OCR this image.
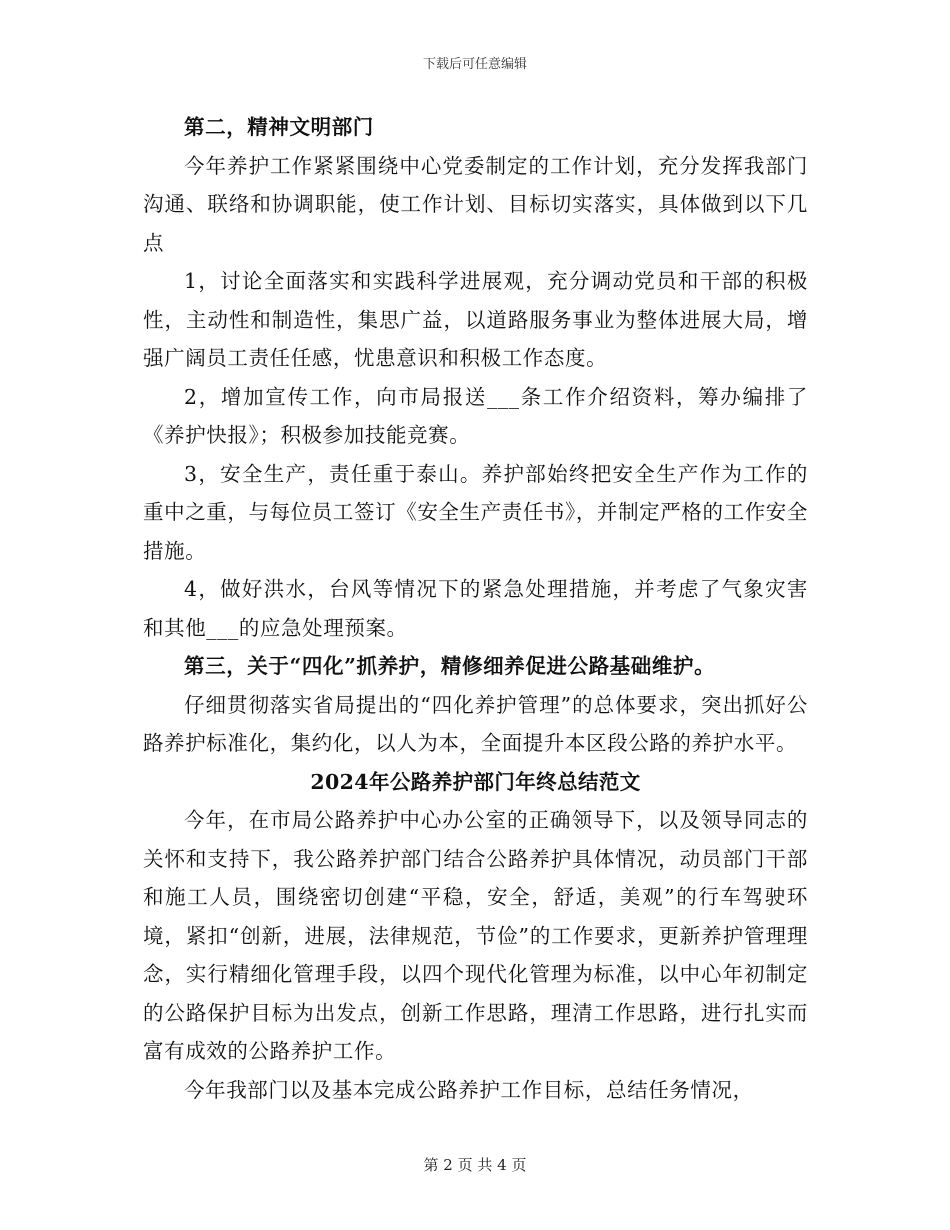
下载后可任意编辑

第二，精神文明部门

今年养护工作紧紧围绕中心党委制定的工作计划，充分发挥我部门沟通、联络和协调职能，使工作计划、目标切实落实，具体做到以下几点

1，讨论全面落实和实践科学进展观，充分调动党员和干部的积极性，主动性和制造性，集思广益，以道路服务事业为整体进展大局，增强广阔员工责任任感，忧患意识和积极工作态度。

2，增加宣传工作，向市局报送___条工作介绍资料，筹办编排了《养护快报》；积极参加技能竞赛。

3，安全生产，责任重于泰山。养护部始终把安全生产作为工作的重中之重，与每位员工签订《安全生产责任书》，并制定严格的工作安全措施。

4，做好洪水，台风等情况下的紧急处理措施，并考虑了气象灾害和其他___的应急处理预案。

第三，关于“四化”抓养护，精修细养促进公路基础维护。

仔细贯彻落实省局提出的“四化养护管理”的总体要求，突出抓好公路养护标准化，集约化，以人为本，全面提升本区段公路的养护水平。

2024年公路养护部门年终总结范文

今年，在市局公路养护中心办公室的正确领导下，以及领导同志的关怀和支持下，我公路养护部门结合公路养护具体情况，动员部门干部和施工人员，围绕密切创建“平稳，安全，舒适，美观”的行车驾驶环境，紧扣“创新，进展，法律规范，节俭”的工作要求，更新养护管理理念，实行精细化管理手段，以四个现代化管理为标准，以中心年初制定的公路保护目标为出发点，创新工作思路，理清工作思路，进行扎实而富有成效的公路养护工作。

今年我部门以及基本完成公路养护工作目标，总结任务情况，

第 2 页 共 4 页
